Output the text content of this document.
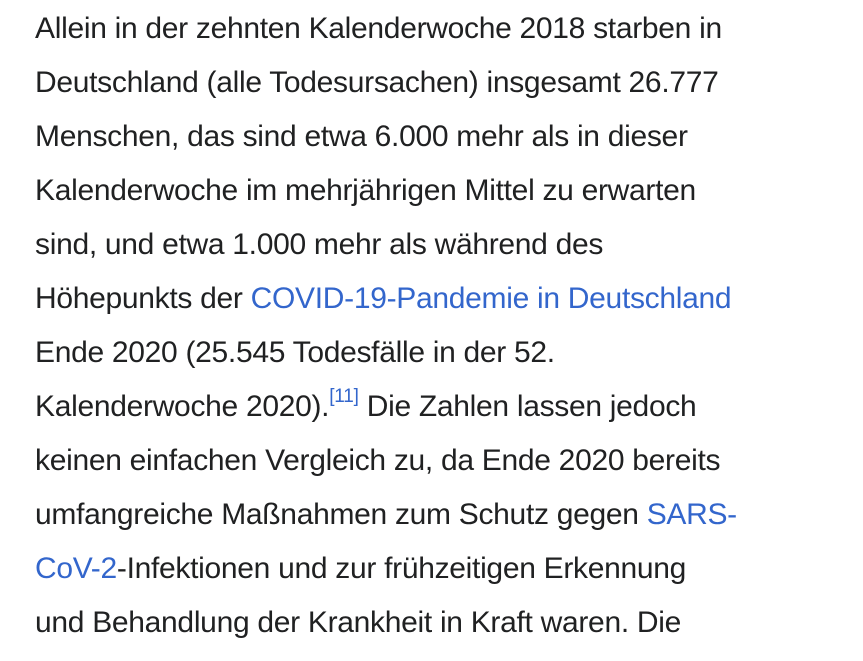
Allein in der zehnten Kalenderwoche 2018 starben in
Deutschland (alle Todesursachen) insgesamt 26.777
Menschen, das sind etwa 6.000 mehr als in dieser
Kalenderwoche im mehrjährigen Mittel zu erwarten
sind, und etwa 1.000 mehr als während des
Höhepunkts der COVID-19-Pandemie in Deutschland
Ende 2020 (25.545 Todesfälle in der 52.
Kalenderwoche 2020). [11] Die Zahlen lassen jedoch
keinen einfachen Vergleich zu, da Ende 2020 bereits
umfangreiche Maßnahmen zum Schutz gegen SARS-
CoV-2 -Infektionen und zur frühzeitigen Erkennung
und Behandlung der Krankheit in Kraft waren. Die
